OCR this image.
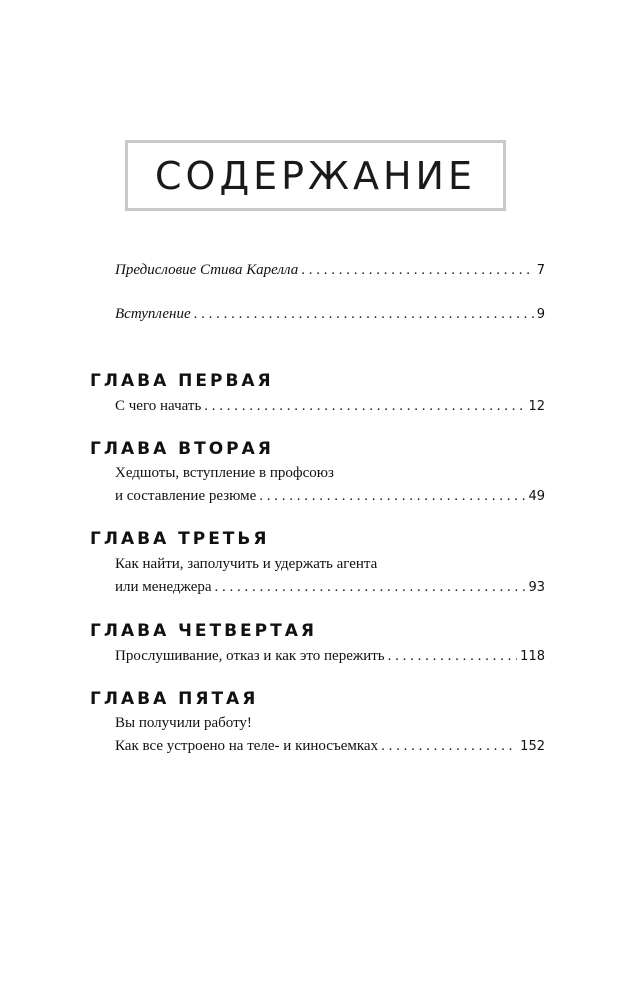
СОДЕРЖАНИЕ
Предисловие Стива Карелла . . .	7
Вступление . . .	9
ГЛАВА ПЕРВАЯ
С чего начать . . .	12
ГЛАВА ВТОРАЯ
Хедшоты, вступление в профсоюз
и составление резюме . . .	49
ГЛАВА ТРЕТЬЯ
Как найти, заполучить и удержать агента
или менеджера . . .	93
ГЛАВА ЧЕТВЕРТАЯ
Прослушивание, отказ и как это пережить . . .	118
ГЛАВА ПЯТАЯ
Вы получили работу!
Как все устроено на теле- и киносъемках . . .	152
